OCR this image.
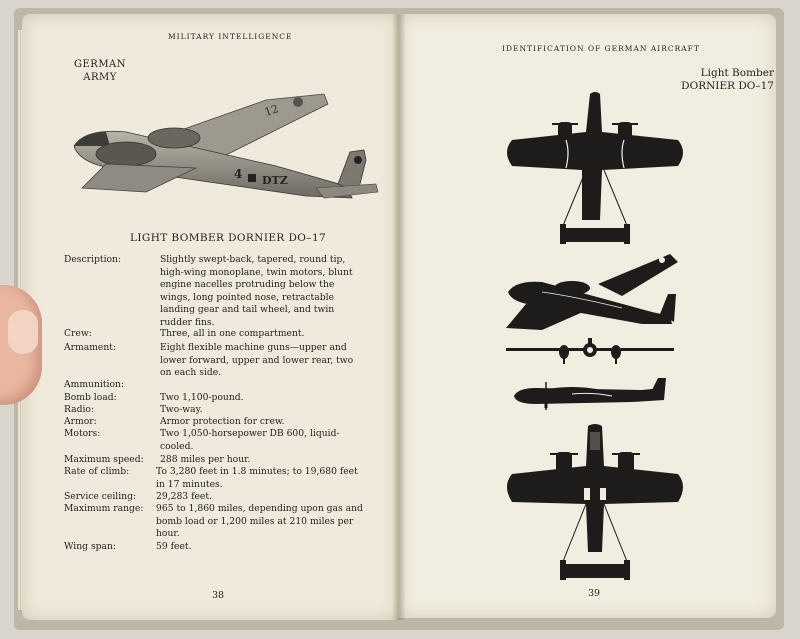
MILITARY INTELLIGENCE
GERMAN
ARMY
12
4 DTZ
LIGHT BOMBER DORNIER DO–17
Description:	Slightly swept-back, tapered, round tip,
high-wing monoplane, twin motors, blunt
engine nacelles protruding below the
wings, long pointed nose, retractable
landing gear and tail wheel, and twin
rudder fins.
Crew:	Three, all in one compartment.
Armament:	Eight flexible machine guns—upper and
lower forward, upper and lower rear, two
on each side.
Ammunition:
Bomb load:	Two 1,100-pound.
Radio:	Two-way.
Armor:	Armor protection for crew.
Motors:	Two 1,050-horsepower DB 600, liquid-
cooled.
Maximum speed: 288 miles per hour.
Rate of climb:	To 3,280 feet in 1.8 minutes; to 19,680 feet
in 17 minutes.
Service ceiling: 29,283 feet.
Maximum range: 965 to 1,860 miles, depending upon gas and
bomb load or 1,200 miles at 210 miles per
hour.
Wing span:	59 feet.
38
IDENTIFICATION OF GERMAN AIRCRAFT
Light Bomber
DORNIER DO–17
39
